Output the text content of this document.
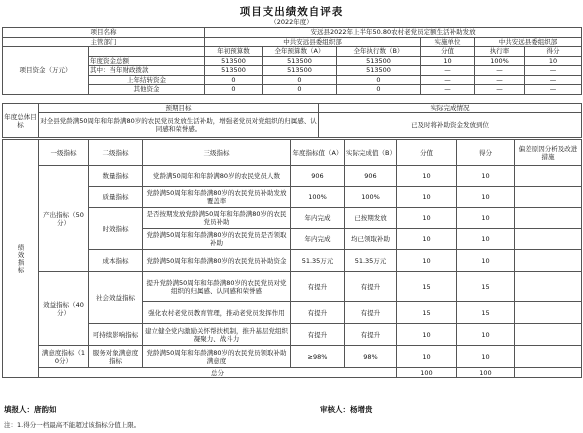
项目支出绩效自评表
（2022年度）
项目名称		安远县2022年上半年50.80农村老党员定额生活补助发放					
主管部门		中共安远县委组织部			实施单位	中共安远县委组织部	
项目资金（万元）		年初预算数	全年预算数（A）	全年执行数（B）	分值	执行率	得分
	年度资金总额	513500	513500	513500	10	100%	10
	其中：当年财政拨款	513500	513500	513500	—	—	—
	上年结转资金	0	0	0	—	—	—
	其他资金	0	0	0	—	—	—
年度总体目标	预期目标	实际完成情况
	对全县党龄满50周年和年龄满80岁的农民党员发放生活补助，增强老党员对党组织的归属感、认同感和荣誉感。	已及时将补助资金发放到位
绩效指标	一级指标	二级指标	三级指标	年度指标值（A）	实际完成值（B）	分值	得分	偏差原因分析及改进措施
	产出指标（50分）	数量指标	党龄满50周年和年龄满80岁的农民党员人数	906	906	10	10	
		质量指标	党龄满50周年和年龄满80岁的农民党员补助发放覆盖率	100%	100%	10	10	
		时效指标	是否按期发放党龄满50周年和年龄满80岁的农民党员补助	年内完成	已按期发放	10	10	
			党龄满50周年和年龄满80岁的农民党员是否领取补助	年内完成	均已领取补助	10	10	
		成本指标	党龄满50周年和年龄满80岁的农民党员补助资金	51.35万元	51.35万元	10	10	
	效益指标（40分）	社会效益指标	提升党龄满50周年和年龄满80岁的农民党员对党组织的归属感、认同感和荣誉感	有提升	有提升	15	15	
			强化农村老党员教育管理，推动老党员发挥作用	有提升	有提升	15	15	
		可持续影响指标	建立健全党内激励关怀帮扶机制，推升基层党组织凝聚力、战斗力	有提升	有提升	10	10	
	满意度指标（10分）	服务对象满意度指标	党龄满50周年和年龄满80岁的农民党员领取补助满意度	≥98%	98%	10	10	
	总分					100	100	
填报人：唐韵如	审核人：杨增贵
注：1.得分一档最高不能超过该指标分值上限。
